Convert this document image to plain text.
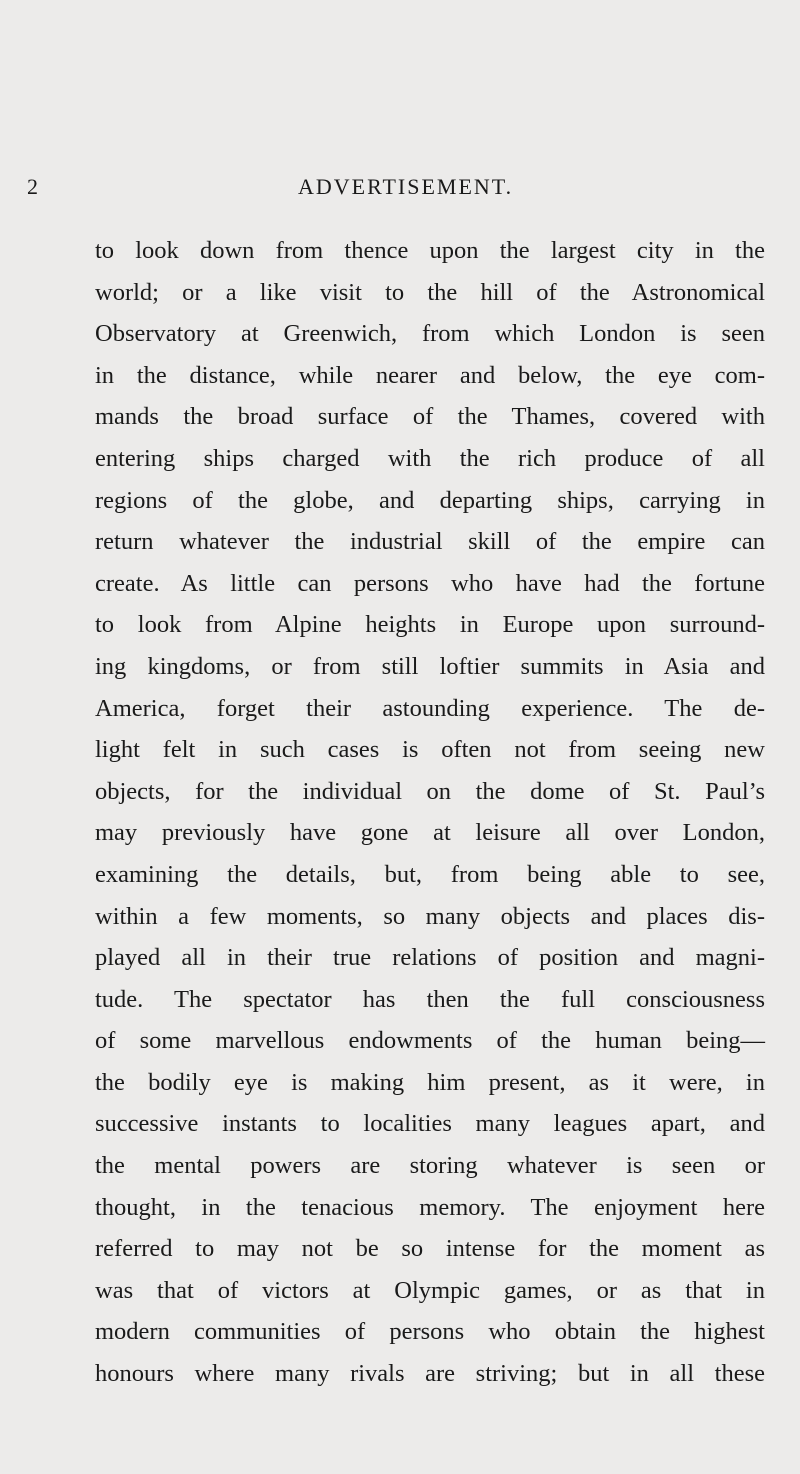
2	ADVERTISEMENT.
to look down from thence upon the largest city in the
world; or a like visit to the hill of the Astronomical
Observatory at Greenwich, from which London is seen
in the distance, while nearer and below, the eye com-
mands the broad surface of the Thames, covered with
entering ships charged with the rich produce of all
regions of the globe, and departing ships, carrying in
return whatever the industrial skill of the empire can
create. As little can persons who have had the fortune
to look from Alpine heights in Europe upon surround-
ing kingdoms, or from still loftier summits in Asia and
America, forget their astounding experience. The de-
light felt in such cases is often not from seeing new
objects, for the individual on the dome of St. Paul’s
may previously have gone at leisure all over London,
examining the details, but, from being able to see,
within a few moments, so many objects and places dis-
played all in their true relations of position and magni-
tude. The spectator has then the full consciousness
of some marvellous endowments of the human being—
the bodily eye is making him present, as it were, in
successive instants to localities many leagues apart, and
the mental powers are storing whatever is seen or
thought, in the tenacious memory. The enjoyment here
referred to may not be so intense for the moment as
was that of victors at Olympic games, or as that in
modern communities of persons who obtain the highest
honours where many rivals are striving; but in all these
